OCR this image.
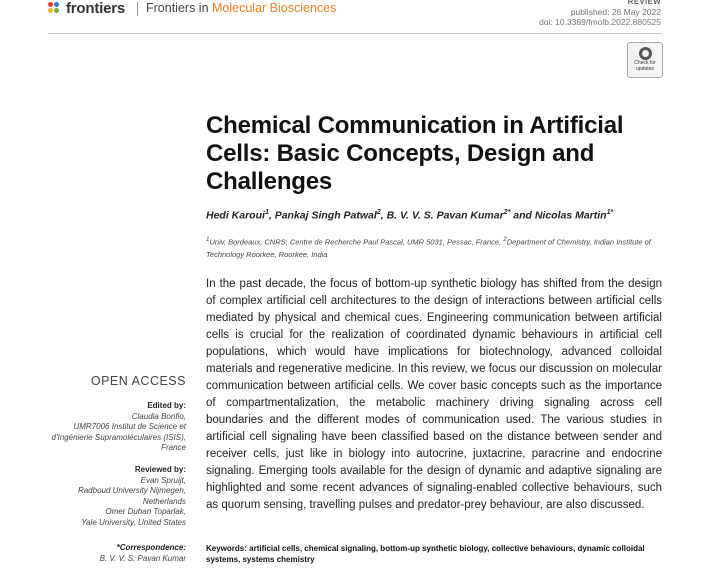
frontiers Frontiers in Molecular Biosciences	REVIEW
published: 26 May 2022
doi: 10.3389/fmolb.2022.880525
Check for updates
Chemical Communication in Artificial Cells: Basic Concepts, Design and Challenges
Hedi Karoui$^1$, Pankaj Singh Patwal$^2$, B. V. V. S. Pavan Kumar$^{2*}$ and Nicolas Martin$^{1*}$
$^1$Univ. Bordeaux, CNRS, Centre de Recherche Paul Pascal, UMR 5031, Pessac, France, $^2$Department of Chemistry, Indian Institute of Technology Roorkee, Roorkee, India
In the past decade, the focus of bottom-up synthetic biology has shifted from the design of complex artificial cell architectures to the design of interactions between artificial cells mediated by physical and chemical cues. Engineering communication between artificial cells is crucial for the realization of coordinated dynamic behaviours in artificial cell populations, which would have implications for biotechnology, advanced colloidal materials and regenerative medicine. In this review, we focus our discussion on molecular communication between artificial cells. We cover basic concepts such as the importance of compartmentalization, the metabolic machinery driving signaling across cell boundaries and the different modes of communication used. The various studies in artificial cell signaling have been classified based on the distance between sender and receiver cells, just like in biology into autocrine, juxtacrine, paracrine and endocrine signaling. Emerging tools available for the design of dynamic and adaptive signaling are highlighted and some recent advances of signaling-enabled collective behaviours, such as quorum sensing, travelling pulses and predator-prey behaviour, are also discussed.
Keywords: artificial cells, chemical signaling, bottom-up synthetic biology, collective behaviours, dynamic colloidal systems, systems chemistry
OPEN ACCESS
Edited by:
Claudia Bonfio,
UMR7006 Institut de Science et d'Ingénierie Supramoléculaires (ISIS), France
Reviewed by:
Evan Spruijt,
Radboud University Nijmegen, Netherlands
Omer Duhan Toparlak,
Yale University, United States
*Correspondence:
B. V. V. S. Pavan Kumar
